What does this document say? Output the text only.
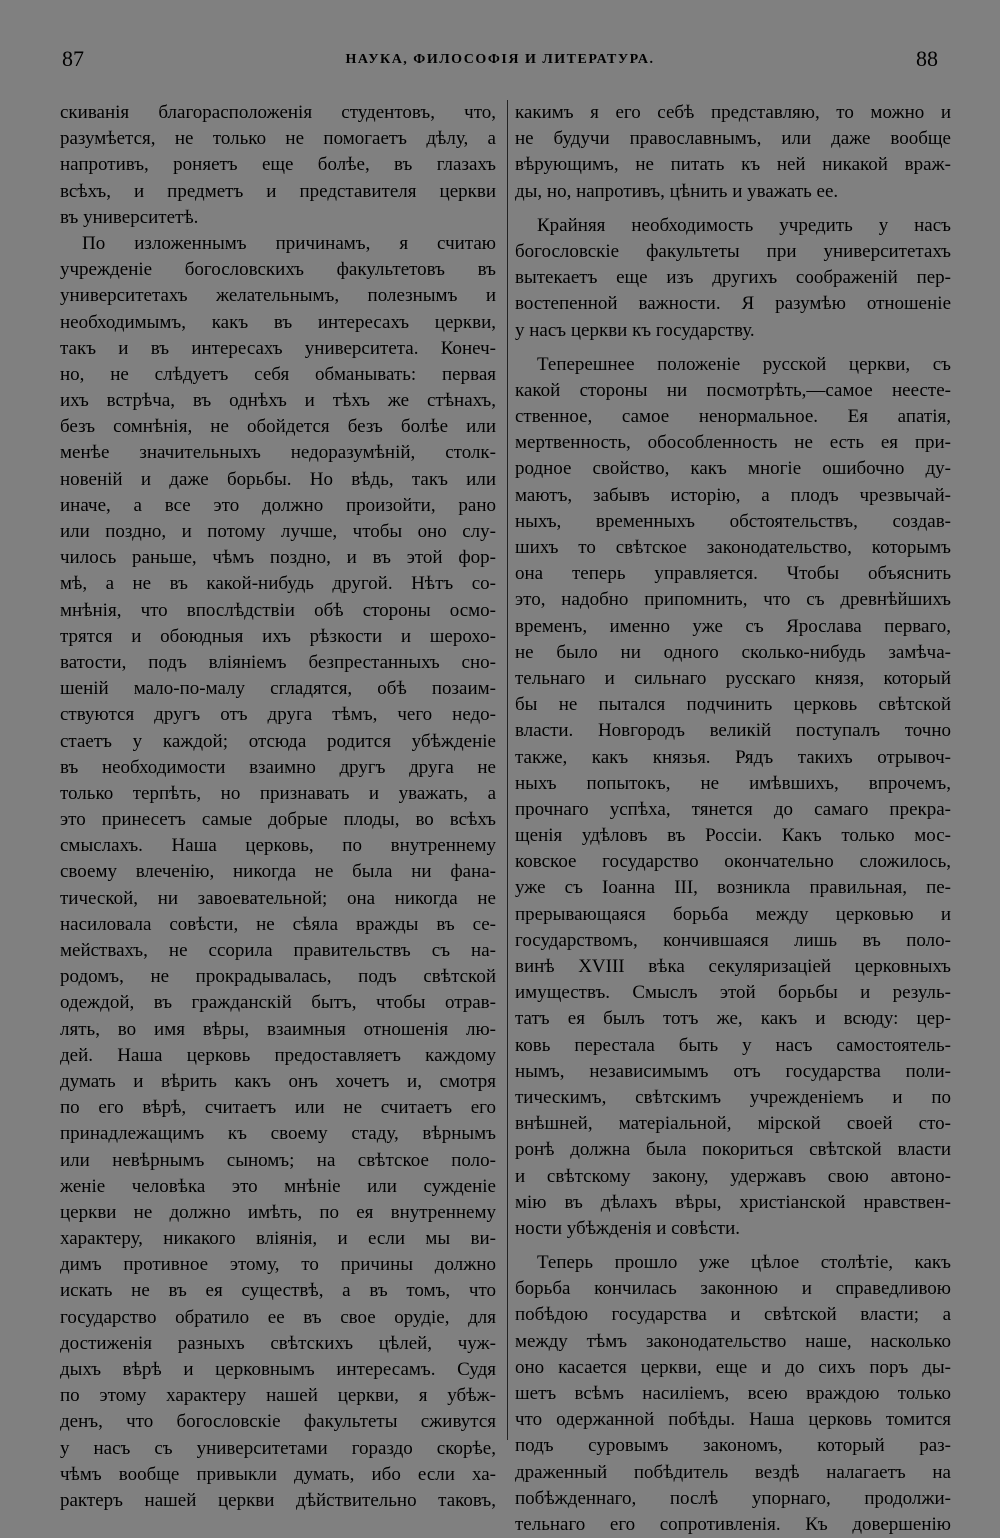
87	НАУКА, ФИЛОСОФІЯ И ЛИТЕРАТУРА.	88
скиванія благорасположенія студентовъ, что,
разумѣется, не только не помогаетъ дѣлу, а
напротивъ, роняетъ еще болѣе, въ глазахъ
всѣхъ, и предметъ и представителя церкви
въ университетѣ.
По изложеннымъ причинамъ, я считаю
учрежденіе богословскихъ факультетовъ въ
университетахъ желательнымъ, полезнымъ и
необходимымъ, какъ въ интересахъ церкви,
такъ и въ интересахъ университета. Конеч-
но, не слѣдуетъ себя обманывать: первая
ихъ встрѣча, въ однѣхъ и тѣхъ же стѣнахъ,
безъ сомнѣнія, не обойдется безъ болѣе или
менѣе значительныхъ недоразумѣній, столк-
новеній и даже борьбы. Но вѣдь, такъ или
иначе, а все это должно произойти, рано
или поздно, и потому лучше, чтобы оно слу-
чилось раньше, чѣмъ поздно, и въ этой фор-
мѣ, а не въ какой-нибудь другой. Нѣтъ со-
мнѣнія, что впослѣдствіи обѣ стороны осмо-
трятся и обоюдныя ихъ рѣзкости и шерохо-
ватости, подъ вліяніемъ безпрестанныхъ сно-
шеній мало-по-малу сгладятся, обѣ позаим-
ствуются другъ отъ друга тѣмъ, чего недо-
стаетъ у каждой; отсюда родится убѣжденіе
въ необходимости взаимно другъ друга не
только терпѣть, но признавать и уважать, а
это принесетъ самые добрые плоды, во всѣхъ
смыслахъ. Наша церковь, по внутреннему
своему влеченію, никогда не была ни фана-
тической, ни завоевательной; она никогда не
насиловала совѣсти, не сѣяла вражды въ се-
мействахъ, не ссорила правительствъ съ на-
родомъ, не прокрадывалась, подъ свѣтской
одеждой, въ гражданскій бытъ, чтобы отрав-
лять, во имя вѣры, взаимныя отношенія лю-
дей. Наша церковь предоставляетъ каждому
думать и вѣрить какъ онъ хочетъ и, смотря
по его вѣрѣ, считаетъ или не считаетъ его
принадлежащимъ къ своему стаду, вѣрнымъ
или невѣрнымъ сыномъ; на свѣтское поло-
женіе человѣка это мнѣніе или сужденіе
церкви не должно имѣть, по ея внутреннему
характеру, никакого вліянія, и если мы ви-
димъ противное этому, то причины должно
искать не въ ея существѣ, а въ томъ, что
государство обратило ее въ свое орудіе, для
достиженія разныхъ свѣтскихъ цѣлей, чуж-
дыхъ вѣрѣ и церковнымъ интересамъ. Судя
по этому характеру нашей церкви, я убѣж-
денъ, что богословскіе факультеты сживутся
у насъ съ университетами гораздо скорѣе,
чѣмъ вообще привыкли думать, ибо если ха-
рактеръ нашей церкви дѣйствительно таковъ,
какимъ я его себѣ представляю, то можно и
не будучи православнымъ, или даже вообще
вѣрующимъ, не питать къ ней никакой враж-
ды, но, напротивъ, цѣнить и уважать ее.
Крайняя необходимость учредить у насъ
богословскіе факультеты при университетахъ
вытекаетъ еще изъ другихъ соображеній пер-
востепенной важности. Я разумѣю отношеніе
у насъ церкви къ государству.
Теперешнее положеніе русской церкви, съ
какой стороны ни посмотрѣть,—самое неесте-
ственное, самое ненормальное. Ея апатія,
мертвенность, обособленность не есть ея при-
родное свойство, какъ многіе ошибочно ду-
маютъ, забывъ исторію, а плодъ чрезвычай-
ныхъ, временныхъ обстоятельствъ, создав-
шихъ то свѣтское законодательство, которымъ
она теперь управляется. Чтобы объяснить
это, надобно припомнить, что съ древнѣйшихъ
временъ, именно уже съ Ярослава перваго,
не было ни одного сколько-нибудь замѣча-
тельнаго и сильнаго русскаго князя, который
бы не пытался подчинить церковь свѣтской
власти. Новгородъ великій поступалъ точно
также, какъ князья. Рядъ такихъ отрывоч-
ныхъ попытокъ, не имѣвшихъ, впрочемъ,
прочнаго успѣха, тянется до самаго прекра-
щенія удѣловъ въ Россіи. Какъ только мос-
ковское государство окончательно сложилось,
уже съ Іоанна III, возникла правильная, пе-
прерывающаяся борьба между церковью и
государствомъ, кончившаяся лишь въ поло-
винѣ XVIII вѣка секуляризаціей церковныхъ
имуществъ. Смыслъ этой борьбы и резуль-
татъ ея былъ тотъ же, какъ и всюду: цер-
ковь перестала быть у насъ самостоятель-
нымъ, независимымъ отъ государства поли-
тическимъ, свѣтскимъ учрежденіемъ и по
внѣшней, матеріальной, мірской своей сто-
ронѣ должна была покориться свѣтской власти
и свѣтскому закону, удержавъ свою автоно-
мію въ дѣлахъ вѣры, христіанской нравствен-
ности убѣжденія и совѣсти.
Теперь прошло уже цѣлое столѣтіе, какъ
борьба кончилась законною и справедливою
побѣдою государства и свѣтской власти; а
между тѣмъ законодательство наше, насколько
оно касается церкви, еще и до сихъ поръ ды-
шетъ всѣмъ насиліемъ, всею враждою только
что одержанной побѣды. Наша церковь томится
подъ суровымъ закономъ, который раз-
драженный побѣдитель вездѣ налагаетъ на
побѣжденнаго, послѣ упорнаго, продолжи-
тельнаго его сопротивленія. Къ довершенію
